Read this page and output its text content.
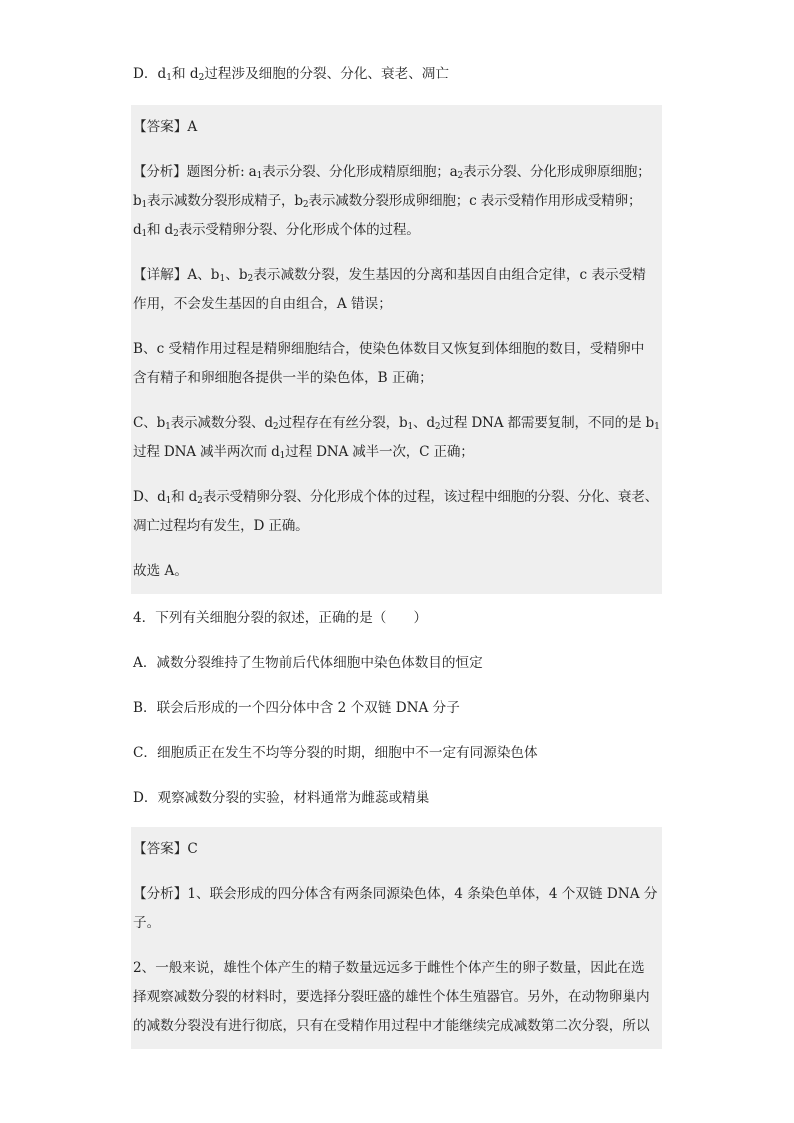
D．$d_1$和 $d_2$过程涉及细胞的分裂、分化、衰老、凋亡
【答案】A
【分析】题图分析: $a_1$表示分裂、分化形成精原细胞；$a_2$表示分裂、分化形成卵原细胞；
$b_1$表示减数分裂形成精子，$b_2$表示减数分裂形成卵细胞；c 表示受精作用形成受精卵；
$d_1$和 $d_2$表示受精卵分裂、分化形成个体的过程。
【详解】A、$b_1$、$b_2$表示减数分裂，发生基因的分离和基因自由组合定律，c 表示受精
作用，不会发生基因的自由组合，A 错误；
B、c 受精作用过程是精卵细胞结合，使染色体数目又恢复到体细胞的数目，受精卵中
含有精子和卵细胞各提供一半的染色体，B 正确；
C、$b_1$表示减数分裂、$d_2$过程存在有丝分裂，$b_1$、$d_2$过程 DNA 都需要复制，不同的是 $b_1$
过程 DNA 减半两次而 $d_1$过程 DNA 减半一次，C 正确；
D、$d_1$和 $d_2$表示受精卵分裂、分化形成个体的过程，该过程中细胞的分裂、分化、衰老、
凋亡过程均有发生，D 正确。
故选 A。
4．下列有关细胞分裂的叙述，正确的是（　　）
A．减数分裂维持了生物前后代体细胞中染色体数目的恒定
B．联会后形成的一个四分体中含 2 个双链 DNA 分子
C．细胞质正在发生不均等分裂的时期，细胞中不一定有同源染色体
D．观察减数分裂的实验，材料通常为雌蕊或精巢
【答案】C
【分析】1、联会形成的四分体含有两条同源染色体，4 条染色单体，4 个双链 DNA 分
子。
2、一般来说，雄性个体产生的精子数量远远多于雌性个体产生的卵子数量，因此在选
择观察减数分裂的材料时，要选择分裂旺盛的雄性个体生殖器官。另外，在动物卵巢内
的减数分裂没有进行彻底，只有在受精作用过程中才能继续完成减数第二次分裂，所以
